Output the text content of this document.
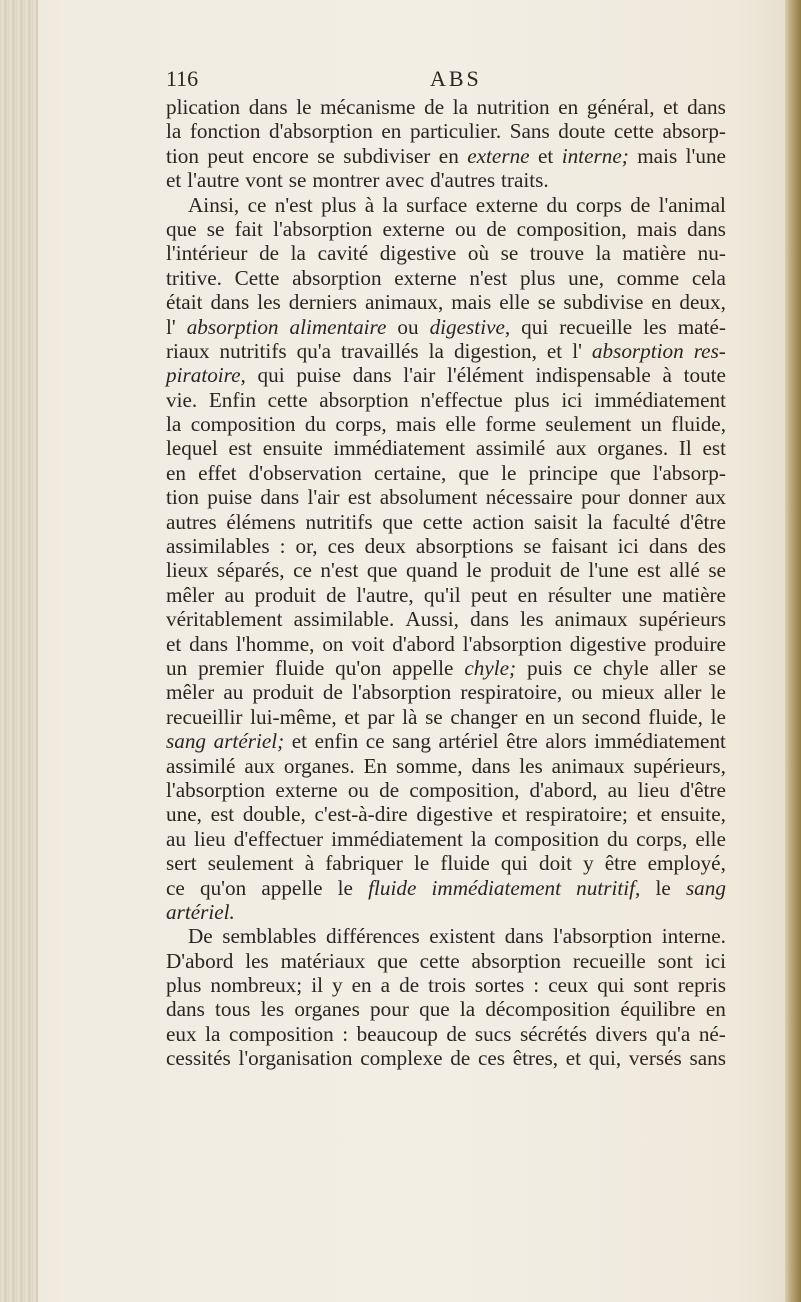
116	ABS
plication dans le mécanisme de la nutrition en général, et dans
la fonction d'absorption en particulier. Sans doute cette absorp-
tion peut encore se subdiviser en externe et interne; mais l'une
et l'autre vont se montrer avec d'autres traits.
Ainsi, ce n'est plus à la surface externe du corps de l'animal
que se fait l'absorption externe ou de composition, mais dans
l'intérieur de la cavité digestive où se trouve la matière nu-
tritive. Cette absorption externe n'est plus une, comme cela
était dans les derniers animaux, mais elle se subdivise en deux,
l' absorption alimentaire ou digestive, qui recueille les maté-
riaux nutritifs qu'a travaillés la digestion, et l' absorption res-
piratoire, qui puise dans l'air l'élément indispensable à toute
vie. Enfin cette absorption n'effectue plus ici immédiatement
la composition du corps, mais elle forme seulement un fluide,
lequel est ensuite immédiatement assimilé aux organes. Il est
en effet d'observation certaine, que le principe que l'absorp-
tion puise dans l'air est absolument nécessaire pour donner aux
autres élémens nutritifs que cette action saisit la faculté d'être
assimilables : or, ces deux absorptions se faisant ici dans des
lieux séparés, ce n'est que quand le produit de l'une est allé se
mêler au produit de l'autre, qu'il peut en résulter une matière
véritablement assimilable. Aussi, dans les animaux supérieurs
et dans l'homme, on voit d'abord l'absorption digestive produire
un premier fluide qu'on appelle chyle; puis ce chyle aller se
mêler au produit de l'absorption respiratoire, ou mieux aller le
recueillir lui-même, et par là se changer en un second fluide, le
sang artériel; et enfin ce sang artériel être alors immédiatement
assimilé aux organes. En somme, dans les animaux supérieurs,
l'absorption externe ou de composition, d'abord, au lieu d'être
une, est double, c'est-à-dire digestive et respiratoire; et ensuite,
au lieu d'effectuer immédiatement la composition du corps, elle
sert seulement à fabriquer le fluide qui doit y être employé,
ce qu'on appelle le fluide immédiatement nutritif, le sang
artériel.
De semblables différences existent dans l'absorption interne.
D'abord les matériaux que cette absorption recueille sont ici
plus nombreux; il y en a de trois sortes : ceux qui sont repris
dans tous les organes pour que la décomposition équilibre en
eux la composition : beaucoup de sucs sécrétés divers qu'a né-
cessités l'organisation complexe de ces êtres, et qui, versés sans
